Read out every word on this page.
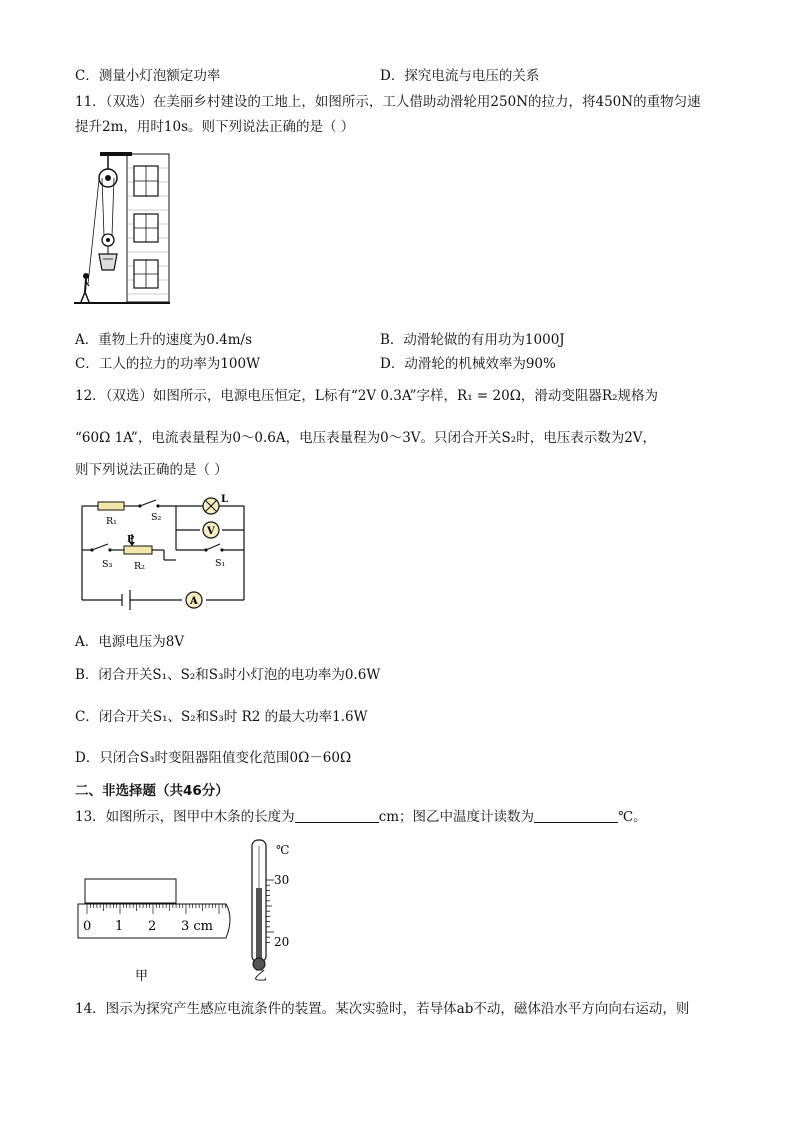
C．测量小灯泡额定功率	D．探究电流与电压的关系
11．（双选）在美丽乡村建设的工地上，如图所示，工人借助动滑轮用250N的拉力，将450N的重物匀速
提升2m，用时10s。则下列说法正确的是（ ）
A．重物上升的速度为0.4m/s	B．动滑轮做的有用功为1000J
C．工人的拉力的功率为100W	D．动滑轮的机械效率为90%
12．（双选）如图所示，电源电压恒定，L标有“2V 0.3A”字样，R₁ = 20Ω，滑动变阻器R₂规格为
“60Ω 1A”，电流表量程为0～0.6A，电压表量程为0～3V。只闭合开关S₂时，电压表示数为2V，
则下列说法正确的是（ ）
R₁	S₂
L
V
S₃
P
R₂	S₁
A
A．电源电压为8V
B．闭合开关S₁、S₂和S₃时小灯泡的电功率为0.6W
C．闭合开关S₁、S₂和S₃时 R2 的最大功率1.6W
D．只闭合S₃时变阻器阻值变化范围0Ω－60Ω
二、非选择题（共46分）
13．如图所示，图甲中木条的长度为	cm；图乙中温度计读数为	℃。
0 1 2 3 cm
甲
℃
30
20
乙
14．图示为探究产生感应电流条件的装置。某次实验时，若导体ab不动，磁体沿水平方向向右运动，则
